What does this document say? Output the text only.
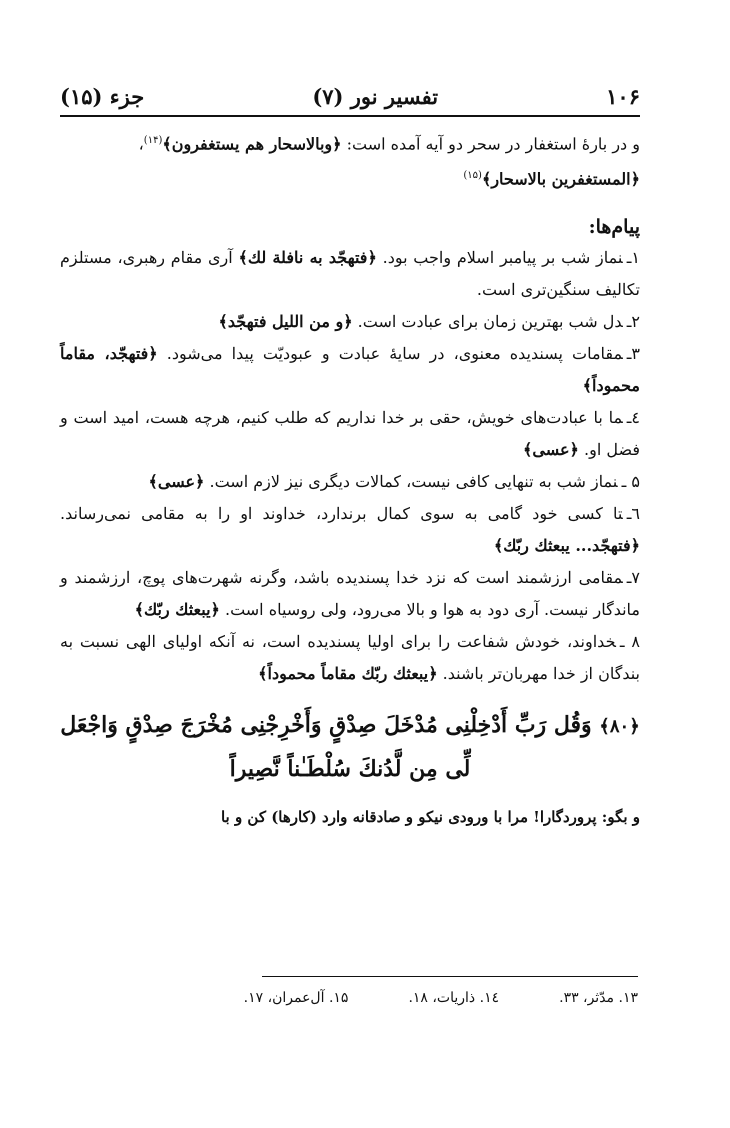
۱۰۶
تفسیر نور (۷)
جزء (۱۵)
و در بارهٔ استغفار در سحر دو آیه آمده است: ﴿وبالاسحار هم یستغفرون﴾$^{(۱۴)}$،
﴿المستغفرین بالاسحار﴾$^{(۱۵)}$
پیام‌ها:
۱ـنماز شب بر پیامبر اسلام واجب بود. ﴿فتهجّد به نافلة لك﴾ آری مقام رهبری، مستلزم تکالیف سنگین‌تری است.
۲ـدل شب بهترین زمان برای عبادت است. ﴿و من اللیل فتهجّد﴾
۳ـمقامات پسندیده معنوی، در سایهٔ عبادت و عبودیّت پیدا می‌شود. ﴿فتهجّد، مقاماً محموداً﴾
٤ـما با عبادت‌های خویش، حقی بر خدا نداریم که طلب کنیم، هرچه هست، امید است و فضل او. ﴿عسی﴾
۵ ـنماز شب به تنهایی کافی نیست، کمالات دیگری نیز لازم است. ﴿عسی﴾
٦ـتا کسی خود گامی به سوی کمال برندارد، خداوند او را به مقامی نمی‌رساند. ﴿فتهجّد... یبعثك ربّك﴾
۷ـمقامی ارزشمند است که نزد خدا پسندیده باشد، وگرنه شهرت‌های پوچ، ارزشمند و ماندگار نیست. آری دود به هوا و بالا می‌رود، ولی روسیاه است. ﴿یبعثك ربّك﴾
۸ ـخداوند، خودش شفاعت را برای اولیا پسندیده است، نه آنکه اولیای الهی نسبت به بندگان از خدا مهربان‌تر باشند. ﴿یبعثك ربّك مقاماً محموداً﴾
﴿۸۰﴾ وَقُل رَبِّ أَدْخِلْنِی مُدْخَلَ صِدْقٍ وَأَخْرِجْنِی مُخْرَجَ صِدْقٍ وَاجْعَل لِّی مِن لَّدُنكَ سُلْطَـٰناً نَّصِیراً
و بگو: پروردگارا! مرا با ورودی نیکو و صادقانه وارد (کارها) کن و با
۱۳. مدّثر، ۳۳.
١٤. ذاریات، ۱۸.
۱۵. آل‌عمران، ۱۷.
